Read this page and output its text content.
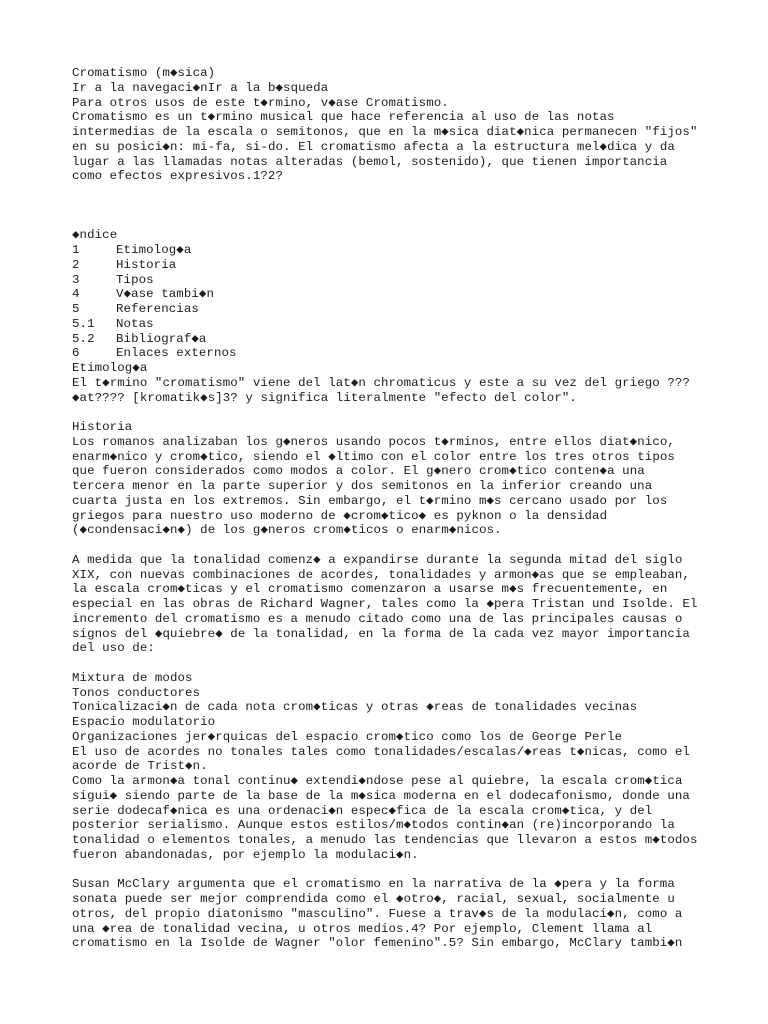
Cromatismo (m◆sica)
Ir a la navegaci◆nIr a la b◆squeda
Para otros usos de este t◆rmino, v◆ase Cromatismo.
Cromatismo es un t◆rmino musical que hace referencia al uso de las notas
intermedias de la escala o semitonos, que en la m◆sica diat◆nica permanecen "fijos"
en su posici◆n: mi-fa, si-do. El cromatismo afecta a la estructura mel◆dica y da
lugar a las llamadas notas alteradas (bemol, sostenido), que tienen importancia
como efectos expresivos.1?2?
◆ndice
1	Etimolog◆a
2	Historia
3	Tipos
4	V◆ase tambi◆n
5	Referencias
5.1	Notas
5.2	Bibliograf◆a
6	Enlaces externos
Etimolog◆a
El t◆rmino "cromatismo" viene del lat◆n chromaticus y este a su vez del griego ???
◆at???? [kromatik◆s]3? y significa literalmente "efecto del color".
Historia
Los romanos analizaban los g◆neros usando pocos t◆rminos, entre ellos diat◆nico,
enarm◆nico y crom◆tico, siendo el ◆ltimo con el color entre los tres otros tipos
que fueron considerados como modos a color. El g◆nero crom◆tico conten◆a una
tercera menor en la parte superior y dos semitonos en la inferior creando una
cuarta justa en los extremos. Sin embargo, el t◆rmino m◆s cercano usado por los
griegos para nuestro uso moderno de ◆crom◆tico◆ es pyknon o la densidad
(◆condensaci◆n◆) de los g◆neros crom◆ticos o enarm◆nicos.
A medida que la tonalidad comenz◆ a expandirse durante la segunda mitad del siglo
XIX, con nuevas combinaciones de acordes, tonalidades y armon◆as que se empleaban,
la escala crom◆ticas y el cromatismo comenzaron a usarse m◆s frecuentemente, en
especial en las obras de Richard Wagner, tales como la ◆pera Tristan und Isolde. El
incremento del cromatismo es a menudo citado como una de las principales causas o
signos del ◆quiebre◆ de la tonalidad, en la forma de la cada vez mayor importancia
del uso de:
Mixtura de modos
Tonos conductores
Tonicalizaci◆n de cada nota crom◆ticas y otras ◆reas de tonalidades vecinas
Espacio modulatorio
Organizaciones jer◆rquicas del espacio crom◆tico como los de George Perle
El uso de acordes no tonales tales como tonalidades/escalas/◆reas t◆nicas, como el
acorde de Trist◆n.
Como la armon◆a tonal continu◆ extendi◆ndose pese al quiebre, la escala crom◆tica
sigui◆ siendo parte de la base de la m◆sica moderna en el dodecafonismo, donde una
serie dodecaf◆nica es una ordenaci◆n espec◆fica de la escala crom◆tica, y del
posterior serialismo. Aunque estos estilos/m◆todos contin◆an (re)incorporando la
tonalidad o elementos tonales, a menudo las tendencias que llevaron a estos m◆todos
fueron abandonadas, por ejemplo la modulaci◆n.
Susan McClary argumenta que el cromatismo en la narrativa de la ◆pera y la forma
sonata puede ser mejor comprendida como el ◆otro◆, racial, sexual, socialmente u
otros, del propio diatonismo "masculino". Fuese a trav◆s de la modulaci◆n, como a
una ◆rea de tonalidad vecina, u otros medios.4? Por ejemplo, Clement llama al
cromatismo en la Isolde de Wagner "olor femenino".5? Sin embargo, McClary tambi◆n
